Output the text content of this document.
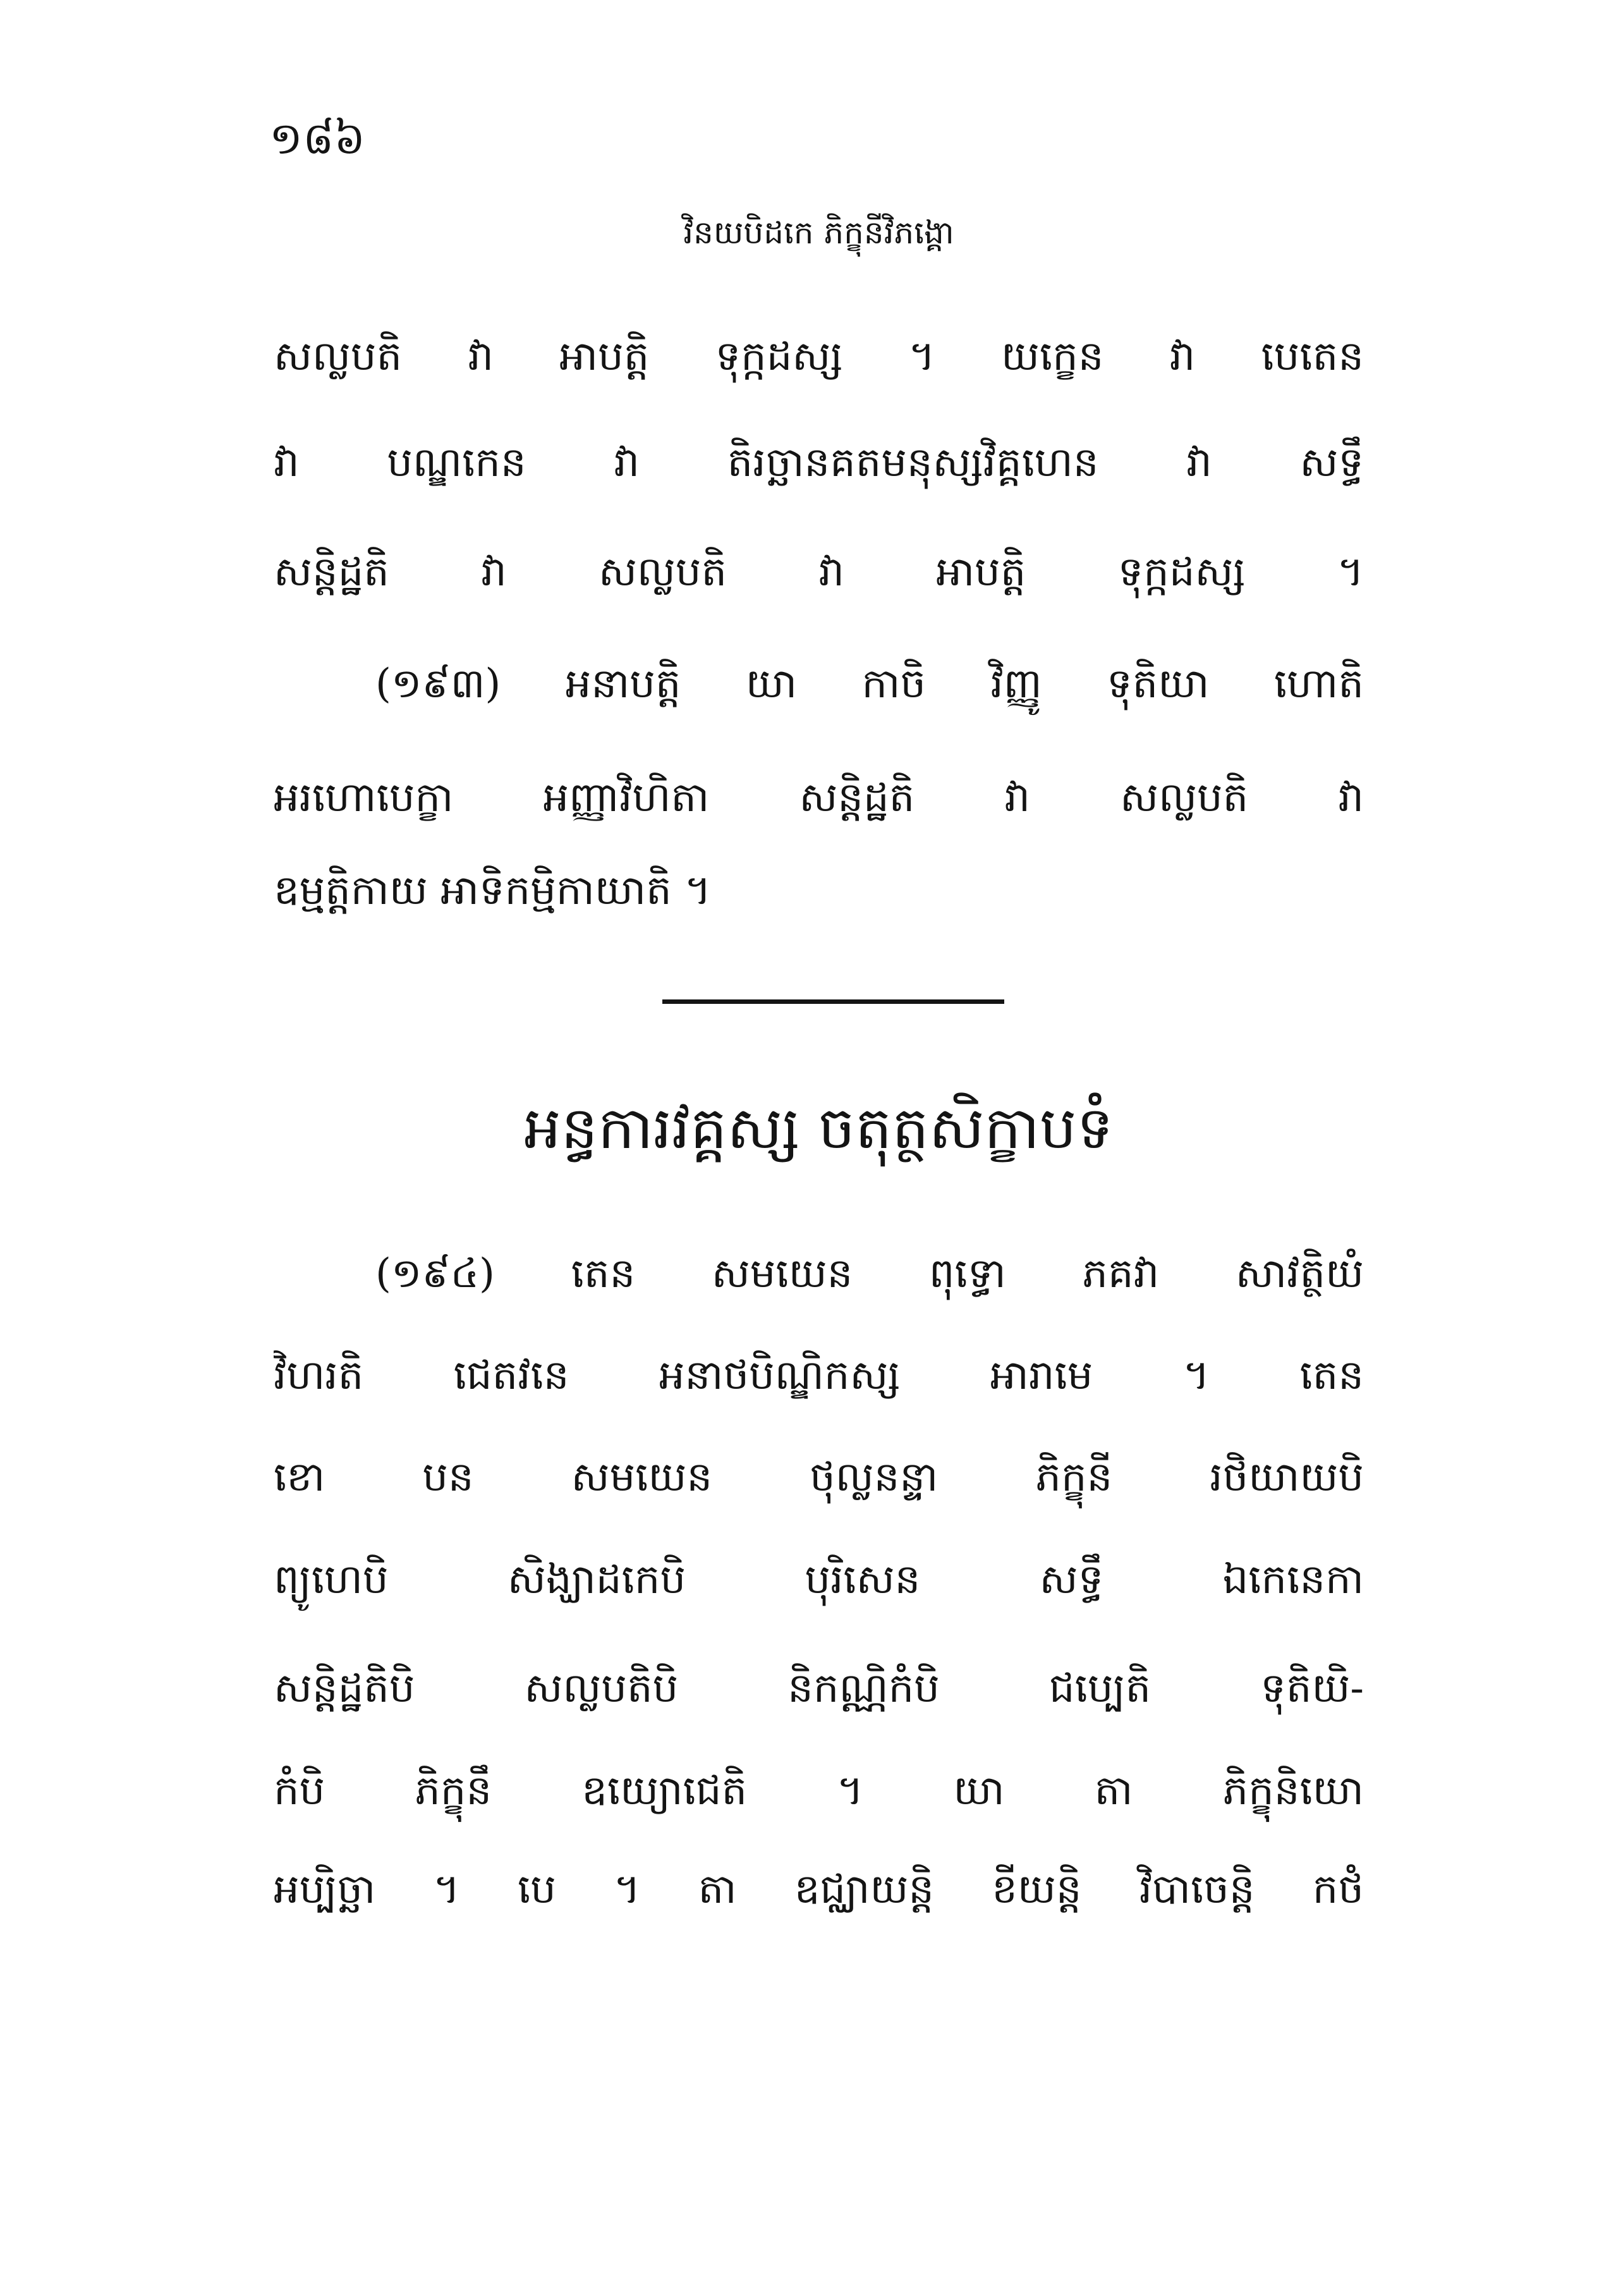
១៨៦
វិនយបិដកេ ភិក្ខុនីវិភង្គោ
សល្លបតិ វា អាបត្តិ ទុក្កដស្ស ។ យក្ខេន វា បេតេន
វា បណ្ឌកេន វា តិរច្ឆានគតមនុស្សវិគ្គហេន វា សទ្ធឹ
សន្តិដ្ឋតិ វា សល្លបតិ វា អាបត្តិ ទុក្កដស្ស ។
(១៩៣) អនាបត្តិ យា កាចិ វិញ្ញូ ទុតិយា ហោតិ
អរហោបេក្ខា អញ្ញាវិហិតា សន្តិដ្ឋតិ វា សល្លបតិ វា
ឧម្មត្តិកាយ អាទិកម្មិកាយាតិ ។
អន្ធការវគ្គស្ស ចតុត្ថសិក្ខាបទំ
(១៩៤) តេន សមយេន ពុទ្ធោ ភគវា សាវត្ថិយំ
វិហរតិ ជេតវនេ អនាថបិណ្ឌិកស្ស អារាមេ ។ តេន
ខោ បន សមយេន ថុល្លនន្ទា ភិក្ខុនី រថិយាយបិ
ព្យូហេបិ សិង្ឃាដកេបិ បុរិសេន សទ្ធឹ ឯកេនេកា
សន្តិដ្ឋតិបិ សល្លបតិបិ និកណ្ណិកំបិ ជប្បេតិ ទុតិយិ-
កំបិ ភិក្ខុនឹ ឧយ្យោជេតិ ។ យា តា ភិក្ខុនិយោ
អប្បិច្ឆា ។ បេ ។ តា ឧជ្ឈាយន្តិ ខីយន្តិ វិបាចេន្តិ កថំ
